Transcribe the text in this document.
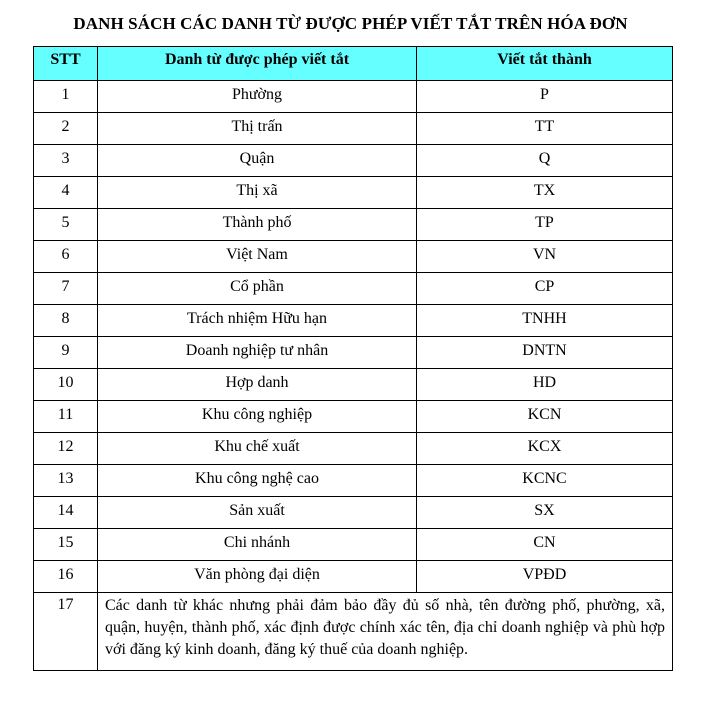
DANH SÁCH CÁC DANH TỪ ĐƯỢC PHÉP VIẾT TẮT TRÊN HÓA ĐƠN
STT	Danh từ được phép viết tắt	Viết tắt thành
1	Phường	P
2	Thị trấn	TT
3	Quận	Q
4	Thị xã	TX
5	Thành phố	TP
6	Việt Nam	VN
7	Cổ phần	CP
8	Trách nhiệm Hữu hạn	TNHH
9	Doanh nghiệp tư nhân	DNTN
10	Hợp danh	HD
11	Khu công nghiệp	KCN
12	Khu chế xuất	KCX
13	Khu công nghệ cao	KCNC
14	Sản xuất	SX
15	Chi nhánh	CN
16	Văn phòng đại diện	VPĐD
17	Các danh từ khác nhưng phải đảm bảo đầy đủ số nhà, tên đường phố, phường, xã, quận, huyện, thành phố, xác định được chính xác tên, địa chỉ doanh nghiệp và phù hợp với đăng ký kinh doanh, đăng ký thuế của doanh nghiệp.	
